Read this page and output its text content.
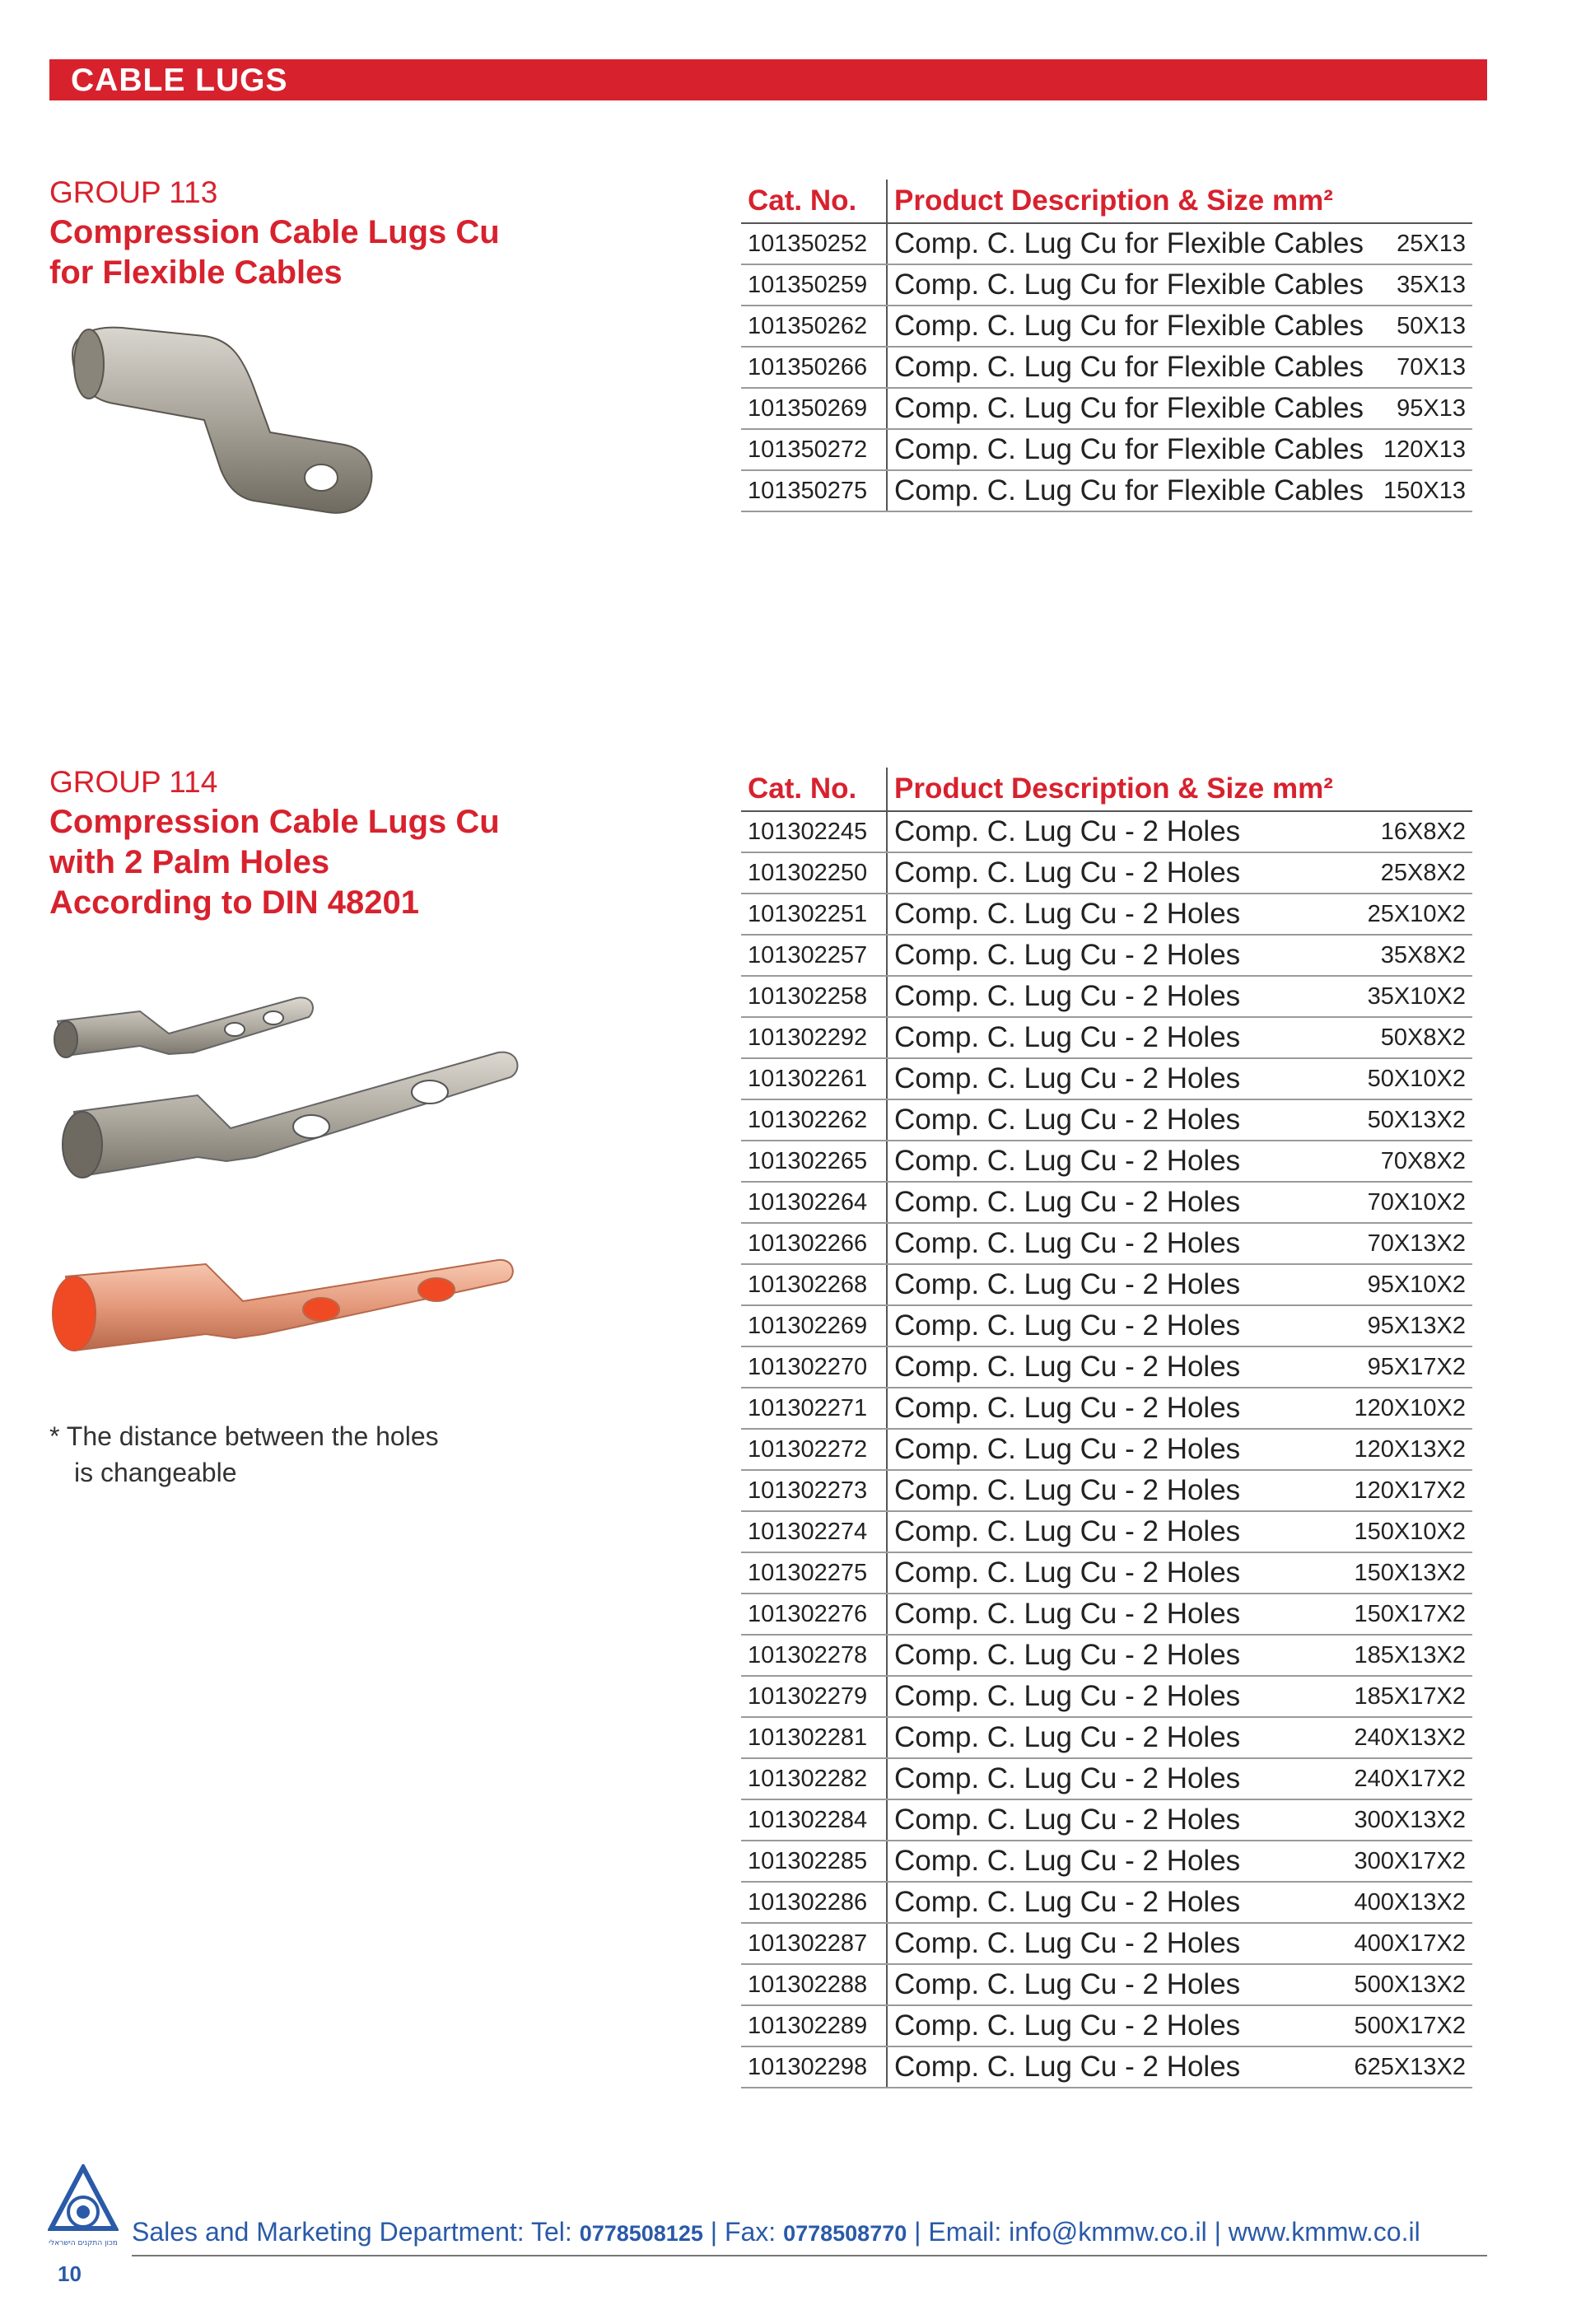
CABLE LUGS
GROUP 113
Compression Cable Lugs Cu
for Flexible Cables
Cat. No.	Product Description & Size mm²	
101350252	Comp. C. Lug Cu for Flexible Cables	25X13
101350259	Comp. C. Lug Cu for Flexible Cables	35X13
101350262	Comp. C. Lug Cu for Flexible Cables	50X13
101350266	Comp. C. Lug Cu for Flexible Cables	70X13
101350269	Comp. C. Lug Cu for Flexible Cables	95X13
101350272	Comp. C. Lug Cu for Flexible Cables	120X13
101350275	Comp. C. Lug Cu for Flexible Cables	150X13
GROUP 114
Compression Cable Lugs Cu
with 2 Palm Holes
According to DIN 48201
* The distance between the holes
is changeable
Cat. No.	Product Description & Size mm²	
101302245	Comp. C. Lug Cu - 2 Holes	16X8X2
101302250	Comp. C. Lug Cu - 2 Holes	25X8X2
101302251	Comp. C. Lug Cu - 2 Holes	25X10X2
101302257	Comp. C. Lug Cu - 2 Holes	35X8X2
101302258	Comp. C. Lug Cu - 2 Holes	35X10X2
101302292	Comp. C. Lug Cu - 2 Holes	50X8X2
101302261	Comp. C. Lug Cu - 2 Holes	50X10X2
101302262	Comp. C. Lug Cu - 2 Holes	50X13X2
101302265	Comp. C. Lug Cu - 2 Holes	70X8X2
101302264	Comp. C. Lug Cu - 2 Holes	70X10X2
101302266	Comp. C. Lug Cu - 2 Holes	70X13X2
101302268	Comp. C. Lug Cu - 2 Holes	95X10X2
101302269	Comp. C. Lug Cu - 2 Holes	95X13X2
101302270	Comp. C. Lug Cu - 2 Holes	95X17X2
101302271	Comp. C. Lug Cu - 2 Holes	120X10X2
101302272	Comp. C. Lug Cu - 2 Holes	120X13X2
101302273	Comp. C. Lug Cu - 2 Holes	120X17X2
101302274	Comp. C. Lug Cu - 2 Holes	150X10X2
101302275	Comp. C. Lug Cu - 2 Holes	150X13X2
101302276	Comp. C. Lug Cu - 2 Holes	150X17X2
101302278	Comp. C. Lug Cu - 2 Holes	185X13X2
101302279	Comp. C. Lug Cu - 2 Holes	185X17X2
101302281	Comp. C. Lug Cu - 2 Holes	240X13X2
101302282	Comp. C. Lug Cu - 2 Holes	240X17X2
101302284	Comp. C. Lug Cu - 2 Holes	300X13X2
101302285	Comp. C. Lug Cu - 2 Holes	300X17X2
101302286	Comp. C. Lug Cu - 2 Holes	400X13X2
101302287	Comp. C. Lug Cu - 2 Holes	400X17X2
101302288	Comp. C. Lug Cu - 2 Holes	500X13X2
101302289	Comp. C. Lug Cu - 2 Holes	500X17X2
101302298	Comp. C. Lug Cu - 2 Holes	625X13X2
מכון התקנים הישראלי Sales and Marketing Department: Tel: 0778508125 | Fax: 0778508770 | Email: info@kmmw.co.il | www.kmmw.co.il
10
